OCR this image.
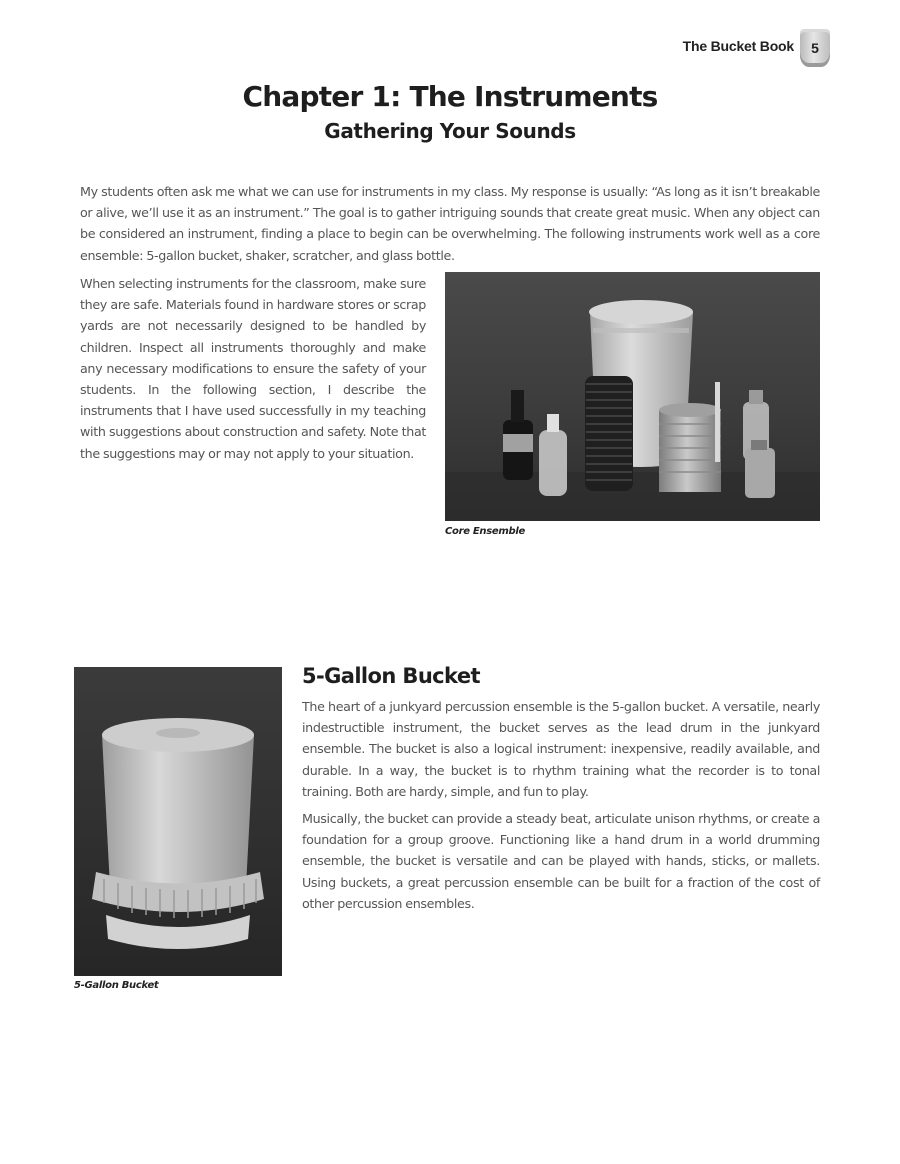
The Bucket Book 5
Chapter 1: The Instruments
Gathering Your Sounds

My students often ask me what we can use for instruments in my class. My response is usually: “As long as it isn’t breakable or alive, we’ll use it as an instrument.” The goal is to gather intriguing sounds that create great music. When any object can be considered an instrument, finding a place to begin can be overwhelming. The following instruments work well as a core ensemble: 5-gallon bucket, shaker, scratcher, and glass bottle.

When selecting instruments for the classroom, make sure they are safe. Materials found in hardware stores or scrap yards are not necessarily designed to be handled by children. Inspect all instruments thoroughly and make any necessary modifications to ensure the safety of your students. In the following section, I describe the instruments that I have used successfully in my teaching with suggestions about construction and safety. Note that the suggestions may or may not apply to your situation.

Core Ensemble

5-Gallon Bucket

5-Gallon Bucket

The heart of a junkyard percussion ensemble is the 5-gallon bucket. A versatile, nearly indestructible instrument, the bucket serves as the lead drum in the junkyard ensemble. The bucket is also a logical instrument: inexpensive, readily available, and durable. In a way, the bucket is to rhythm training what the recorder is to tonal training. Both are hardy, simple, and fun to play.

Musically, the bucket can provide a steady beat, articulate unison rhythms, or create a foundation for a group groove. Functioning like a hand drum in a world drumming ensemble, the bucket is versatile and can be played with hands, sticks, or mallets. Using buckets, a great percussion ensemble can be built for a fraction of the cost of other percussion ensembles.
